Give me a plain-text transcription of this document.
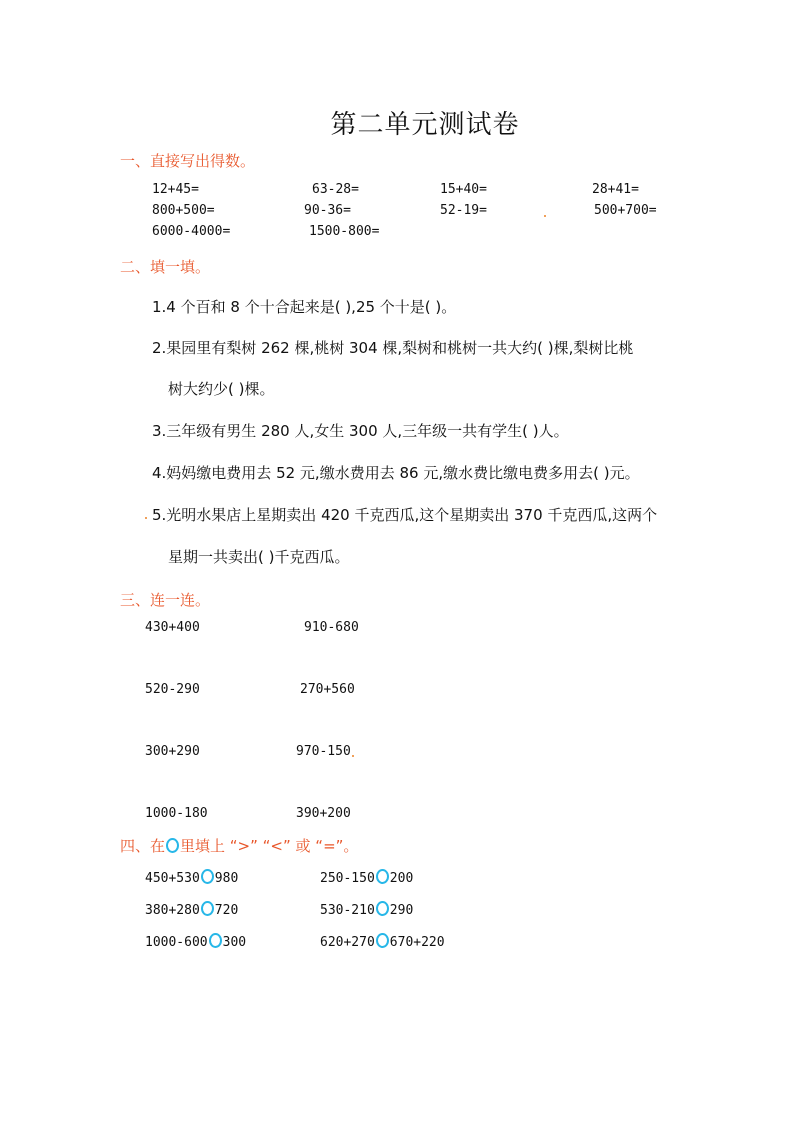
第二单元测试卷
一、直接写出得数。
12+45=	63-28=	15+40=	28+41=
800+500=	90-36=	52-19=	500+700=
6000-4000=	1500-800=
二、填一填。
1.4 个百和 8 个十合起来是( ),25 个十是( )。
2.果园里有梨树 262 棵,桃树 304 棵,梨树和桃树一共大约( )棵,梨树比桃
树大约少( )棵。
3.三年级有男生 280 人,女生 300 人,三年级一共有学生( )人。
4.妈妈缴电费用去 52 元,缴水费用去 86 元,缴水费比缴电费多用去( )元。
5.光明水果店上星期卖出 420 千克西瓜,这个星期卖出 370 千克西瓜,这两个
星期一共卖出( )千克西瓜。
三、连一连。
430+400	910-680
520-290	270+560
300+290	970-150
1000-180	390+200
四、在 里填上 “>” “<” 或 “=”。
450+530 980	250-150 200
380+280 720	530-210 290
1000-600 300	620+270 670+220
